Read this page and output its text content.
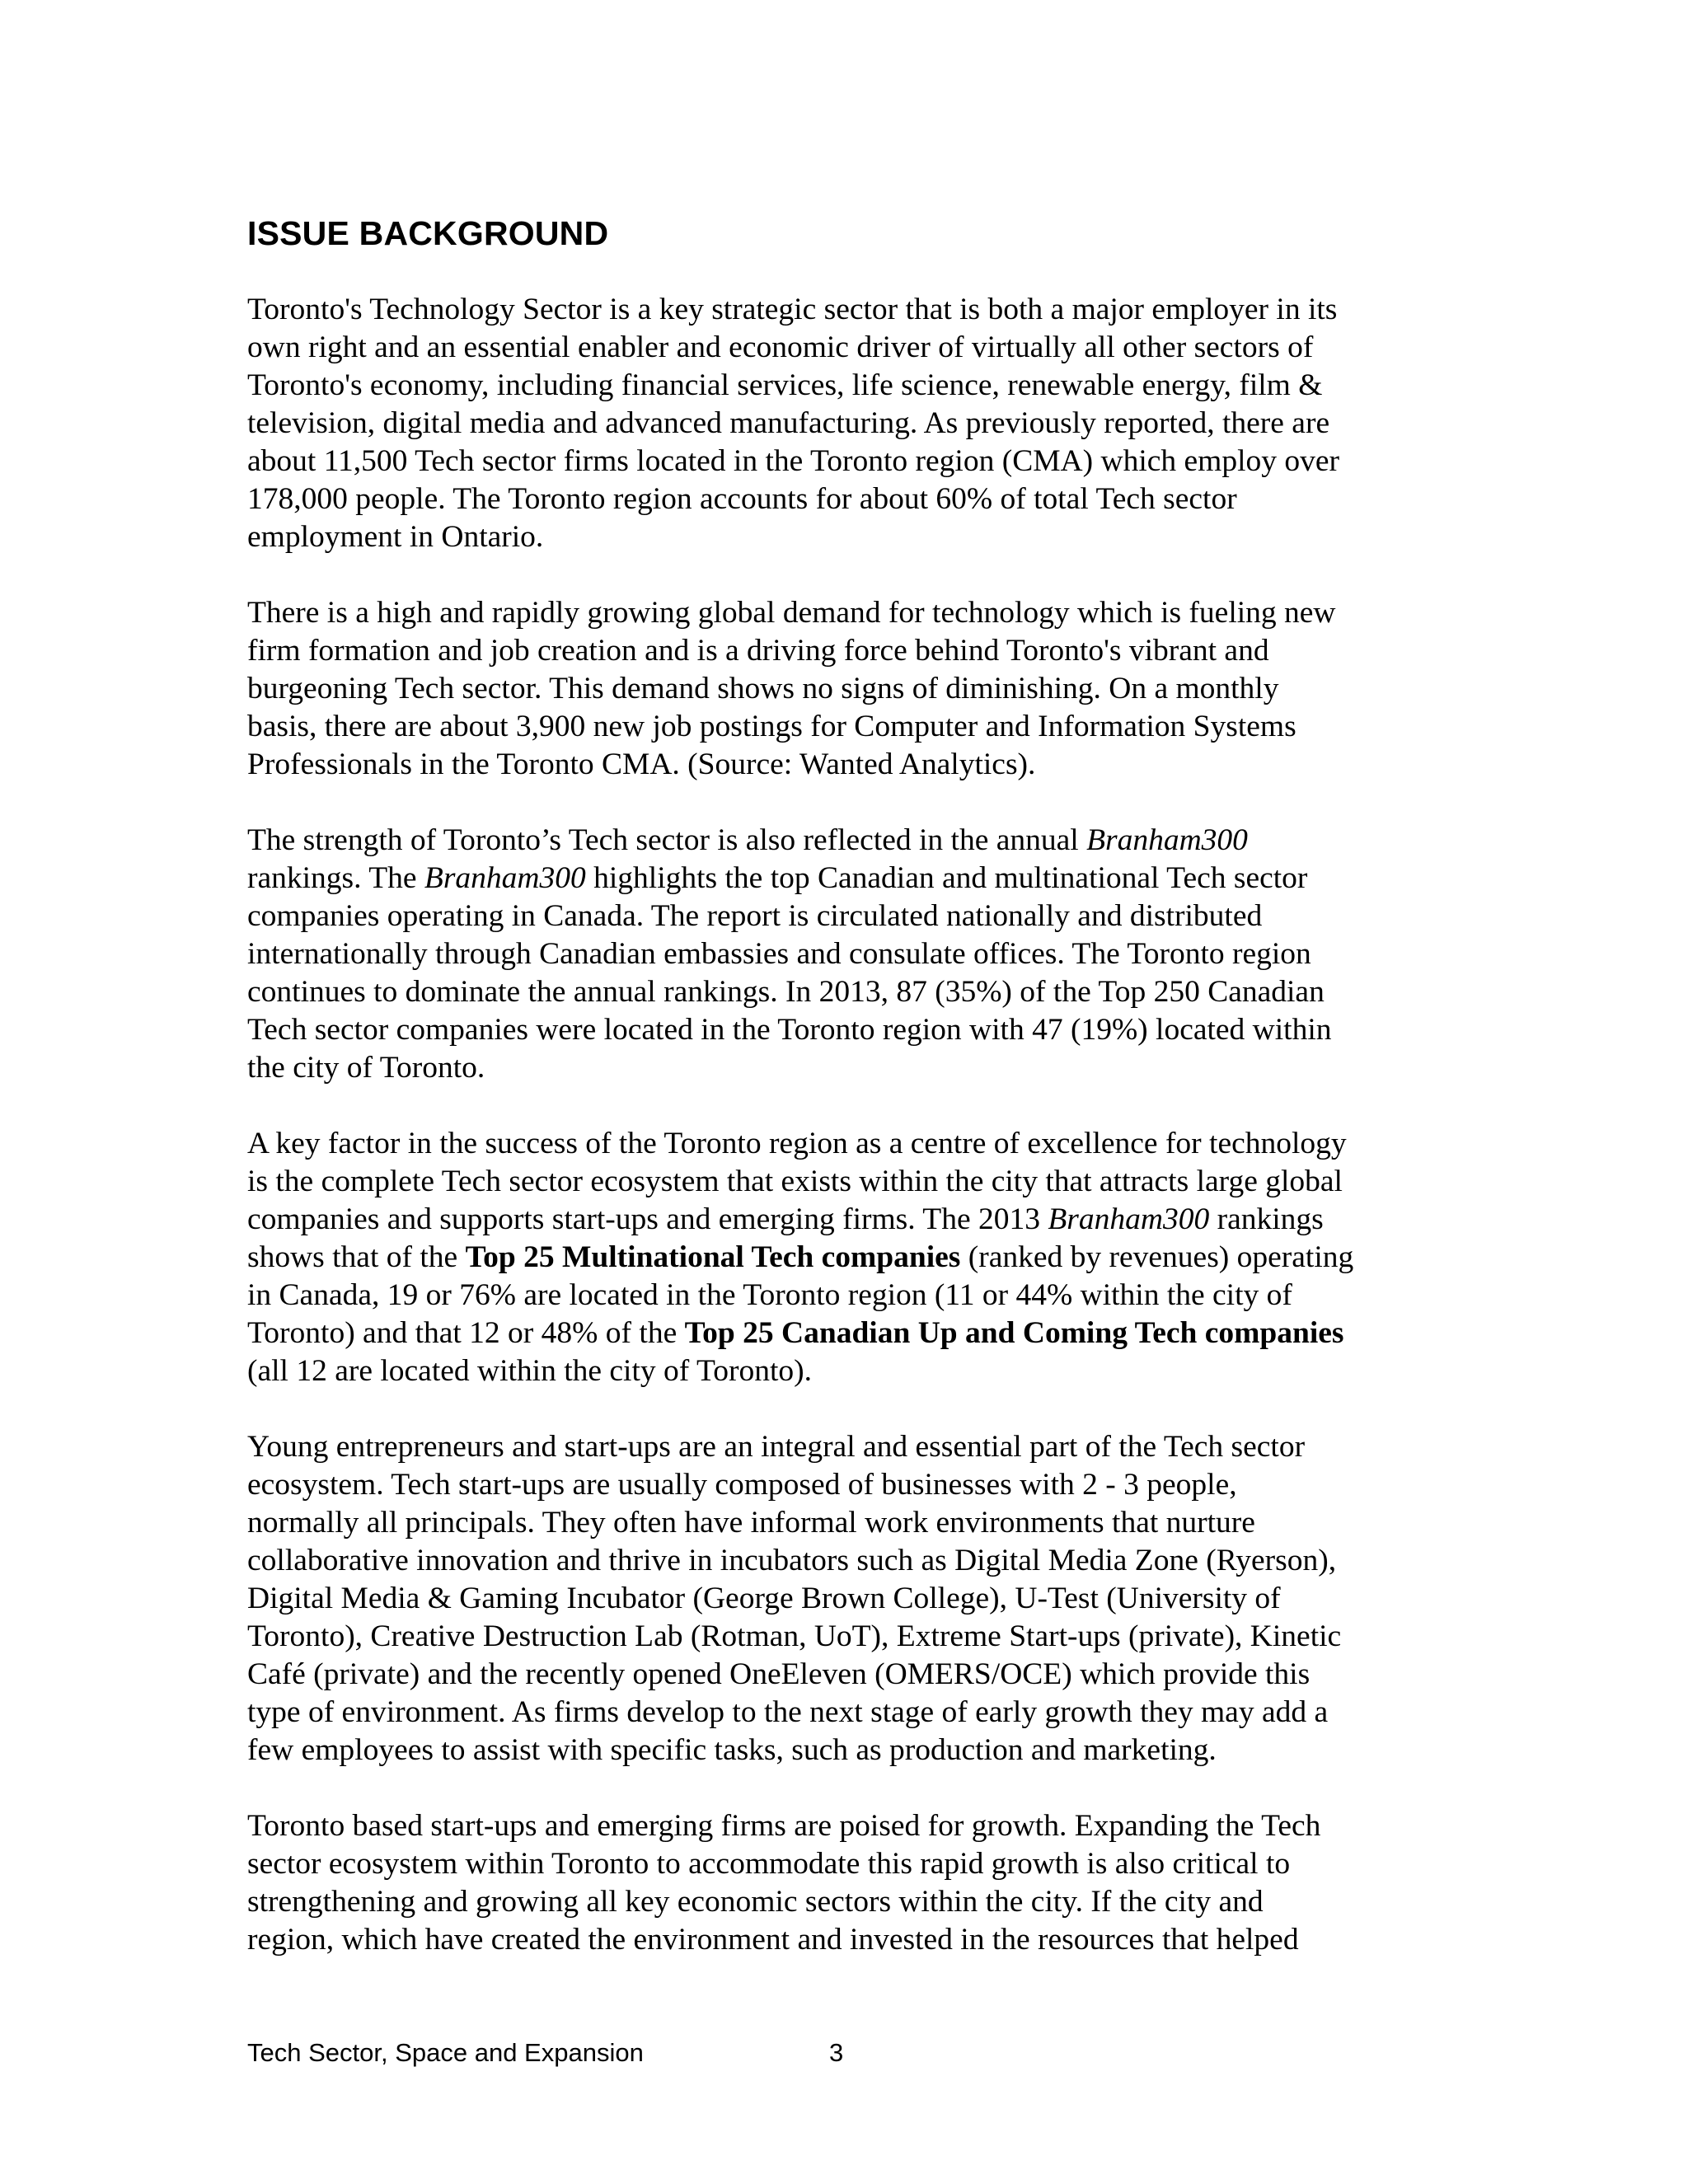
ISSUE BACKGROUND

Toronto's Technology Sector is a key strategic sector that is both a major employer in its
own right and an essential enabler and economic driver of virtually all other sectors of
Toronto's economy, including financial services, life science, renewable energy, film &
television, digital media and advanced manufacturing. As previously reported, there are
about 11,500 Tech sector firms located in the Toronto region (CMA) which employ over
178,000 people. The Toronto region accounts for about 60% of total Tech sector
employment in Ontario.

There is a high and rapidly growing global demand for technology which is fueling new
firm formation and job creation and is a driving force behind Toronto's vibrant and
burgeoning Tech sector. This demand shows no signs of diminishing. On a monthly
basis, there are about 3,900 new job postings for Computer and Information Systems
Professionals in the Toronto CMA. (Source: Wanted Analytics).

The strength of Toronto’s Tech sector is also reflected in the annual Branham300
rankings. The Branham300 highlights the top Canadian and multinational Tech sector
companies operating in Canada. The report is circulated nationally and distributed
internationally through Canadian embassies and consulate offices. The Toronto region
continues to dominate the annual rankings. In 2013, 87 (35%) of the Top 250 Canadian
Tech sector companies were located in the Toronto region with 47 (19%) located within
the city of Toronto.

A key factor in the success of the Toronto region as a centre of excellence for technology
is the complete Tech sector ecosystem that exists within the city that attracts large global
companies and supports start-ups and emerging firms. The 2013 Branham300 rankings
shows that of the Top 25 Multinational Tech companies (ranked by revenues) operating
in Canada, 19 or 76% are located in the Toronto region (11 or 44% within the city of
Toronto) and that 12 or 48% of the Top 25 Canadian Up and Coming Tech companies
(all 12 are located within the city of Toronto).

Young entrepreneurs and start-ups are an integral and essential part of the Tech sector
ecosystem. Tech start-ups are usually composed of businesses with 2 - 3 people,
normally all principals. They often have informal work environments that nurture
collaborative innovation and thrive in incubators such as Digital Media Zone (Ryerson),
Digital Media & Gaming Incubator (George Brown College), U-Test (University of
Toronto), Creative Destruction Lab (Rotman, UoT), Extreme Start-ups (private), Kinetic
Café (private) and the recently opened OneEleven (OMERS/OCE) which provide this
type of environment. As firms develop to the next stage of early growth they may add a
few employees to assist with specific tasks, such as production and marketing.

Toronto based start-ups and emerging firms are poised for growth. Expanding the Tech
sector ecosystem within Toronto to accommodate this rapid growth is also critical to
strengthening and growing all key economic sectors within the city. If the city and
region, which have created the environment and invested in the resources that helped

Tech Sector, Space and Expansion	3
